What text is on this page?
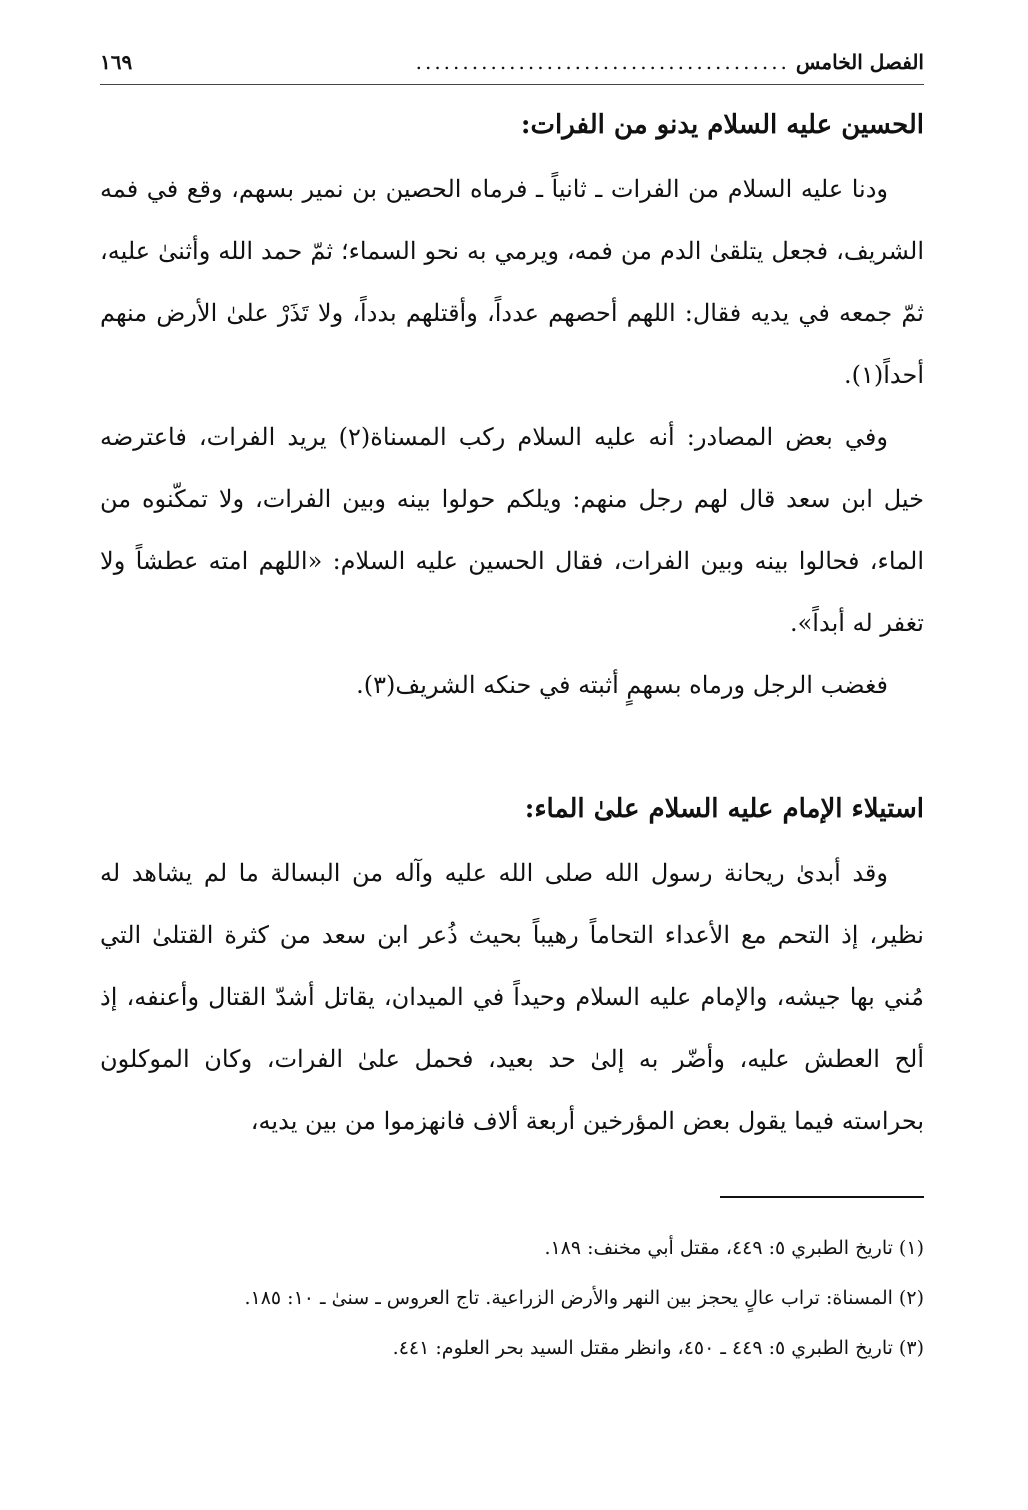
الفصل الخامس
........................................
١٦٩
الحسين عليه السلام يدنو من الفرات:

ودنا عليه السلام من الفرات ـ ثانياً ـ فرماه الحصين بن نمير بسهم، وقع في فمه الشريف، فجعل يتلقىٰ الدم من فمه، ويرمي به نحو السماء؛ ثمّ حمد الله وأثنىٰ عليه، ثمّ جمعه في يديه فقال: اللهم أحصهم عدداً، وأقتلهم بدداً، ولا تَذَرْ علىٰ الأرض منهم أحداً(١).

وفي بعض المصادر: أنه عليه السلام ركب المسناة(٢) يريد الفرات، فاعترضه خيل ابن سعد قال لهم رجل منهم: ويلكم حولوا بينه وبين الفرات، ولا تمكّنوه من الماء، فحالوا بينه وبين الفرات، فقال الحسين عليه السلام: «اللهم امته عطشاً ولا تغفر له أبداً».

فغضب الرجل ورماه بسهمٍ أثبته في حنكه الشريف(٣).

استيلاء الإمام عليه السلام علىٰ الماء:

وقد أبدىٰ ريحانة رسول الله صلى الله عليه وآله من البسالة ما لم يشاهد له نظير، إذ التحم مع الأعداء التحاماً رهيباً بحيث ذُعر ابن سعد من كثرة القتلىٰ التي مُني بها جيشه، والإمام عليه السلام وحيداً في الميدان، يقاتل أشدّ القتال وأعنفه، إذ ألح العطش عليه، وأضّر به إلىٰ حد بعيد، فحمل علىٰ الفرات، وكان الموكلون بحراسته فيما يقول بعض المؤرخين أربعة ألاف فانهزموا من بين يديه،

(١) تاريخ الطبري ٥: ٤٤٩، مقتل أبي مخنف: ١٨٩.
(٢) المسناة: تراب عالٍ يحجز بين النهر والأرض الزراعية. تاج العروس ـ سنىٰ ـ ١٠: ١٨٥.
(٣) تاريخ الطبري ٥: ٤٤٩ ـ ٤٥٠، وانظر مقتل السيد بحر العلوم: ٤٤١.
